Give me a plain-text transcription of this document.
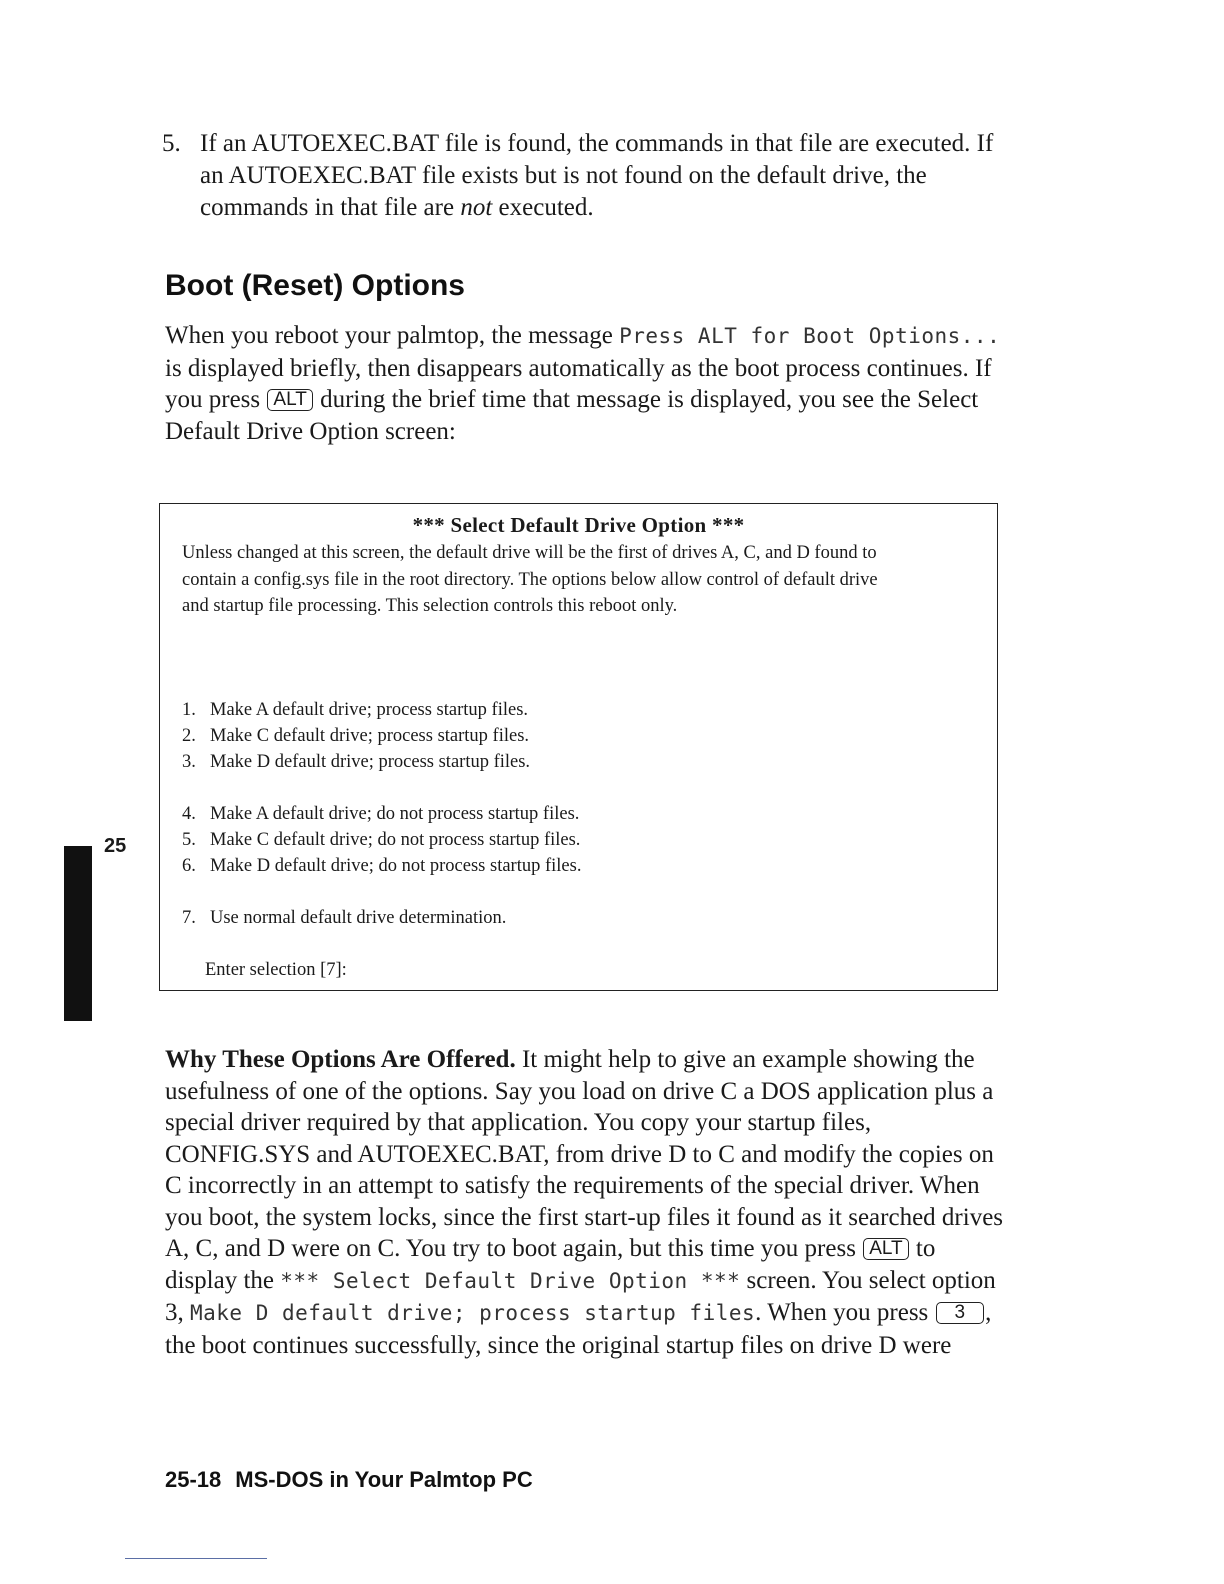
5. If an AUTOEXEC.BAT file is found, the commands in that file are executed. If an AUTOEXEC.BAT file exists but is not found on the default drive, the commands in that file are not executed.
Boot (Reset) Options

When you reboot your palmtop, the message Press ALT for Boot Options... is displayed briefly, then disappears automatically as the boot process continues. If you press ALT during the brief time that message is displayed, you see the Select Default Drive Option screen:

*** Select Default Drive Option ***

Unless changed at this screen, the default drive will be the first of drives A, C, and D found to contain a config.sys file in the root directory. The options below allow control of default drive and startup file processing. This selection controls this reboot only.

1. Make A default drive; process startup files.
2. Make C default drive; process startup files.
3. Make D default drive; process startup files.
4. Make A default drive; do not process startup files.
5. Make C default drive; do not process startup files.
6. Make D default drive; do not process startup files.
7. Use normal default drive determination.
Enter selection [7]:

25

Why These Options Are Offered. It might help to give an example showing the usefulness of one of the options. Say you load on drive C a DOS application plus a special driver required by that application. You copy your startup files, CONFIG.SYS and AUTOEXEC.BAT, from drive D to C and modify the copies on C incorrectly in an attempt to satisfy the requirements of the special driver. When you boot, the system locks, since the first start-up files it found as it searched drives A, C, and D were on C. You try to boot again, but this time you press ALT to display the *** Select Default Drive Option *** screen. You select option 3, Make D default drive; process startup files. When you press 3 , the boot continues successfully, since the original startup files on drive D were

25-18 MS-DOS in Your Palmtop PC
